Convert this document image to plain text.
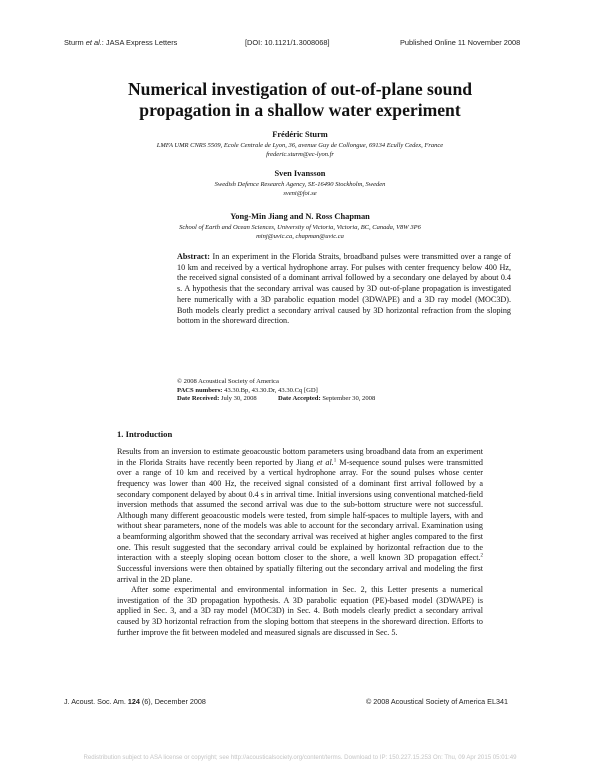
Sturm et al.: JASA Express Letters	[DOI: 10.1121/1.3008068]	Published Online 11 November 2008
Numerical investigation of out-of-plane sound
propagation in a shallow water experiment
Frédéric Sturm
LMFA UMR CNRS 5509, Ecole Centrale de Lyon, 36, avenue Guy de Collongue, 69134 Ecully Cedex, France
frederic.sturm@ec-lyon.fr
Sven Ivansson
Swedish Defence Research Agency, SE-16490 Stockholm, Sweden
sveni@foi.se
Yong-Min Jiang and N. Ross Chapman
School of Earth and Ocean Sciences, University of Victoria, Victoria, BC, Canada, V8W 3P6
minj@uvic.ca, chapman@uvic.ca
Abstract: In an experiment in the Florida Straits, broadband pulses were transmitted over a range of 10 km and received by a vertical hydrophone array. For pulses with center frequency below 400 Hz, the received signal consisted of a dominant arrival followed by a secondary one delayed by about 0.4 s. A hypothesis that the secondary arrival was caused by 3D out-of-plane propagation is investigated here numerically with a 3D parabolic equation model (3DWAPE) and a 3D ray model (MOC3D). Both models clearly predict a secondary arrival caused by 3D horizontal refraction from the sloping bottom in the shoreward direction.
© 2008 Acoustical Society of America
PACS numbers: 43.30.Bp, 43.30.Dr, 43.30.Cq [GD]
Date Received: July 30, 2008	Date Accepted: September 30, 2008
1. Introduction

Results from an inversion to estimate geoacoustic bottom parameters using broadband data from an experiment in the Florida Straits have recently been reported by Jiang et al.$^1$ M-sequence sound pulses were transmitted over a range of 10 km and received by a vertical hydrophone array. For the sound pulses whose center frequency was lower than 400 Hz, the received signal consisted of a dominant first arrival followed by a secondary component delayed by about 0.4 s in arrival time. Initial inversions using conventional matched-field inversion methods that assumed the second arrival was due to the sub-bottom structure were not successful. Although many different geoacoustic models were tested, from simple half-spaces to multiple layers, with and without shear parameters, none of the models was able to account for the secondary arrival. Examination using a beamforming algorithm showed that the secondary arrival was received at higher angles compared to the first one. This result suggested that the secondary arrival could be explained by horizontal refraction due to the interaction with a steeply sloping ocean bottom closer to the shore, a well known 3D propagation effect.$^2$ Successful inversions were then obtained by spatially filtering out the secondary arrival and modeling the first arrival in the 2D plane.

After some experimental and environmental information in Sec. 2, this Letter presents a numerical investigation of the 3D propagation hypothesis. A 3D parabolic equation (PE)-based model (3DWAPE) is applied in Sec. 3, and a 3D ray model (MOC3D) in Sec. 4. Both models clearly predict a secondary arrival caused by 3D horizontal refraction from the sloping bottom that steepens in the shoreward direction. Efforts to further improve the fit between modeled and measured signals are discussed in Sec. 5.

J. Acoust. Soc. Am. 124 (6), December 2008	© 2008 Acoustical Society of America EL341
Redistribution subject to ASA license or copyright; see http://acousticalsociety.org/content/terms. Download to IP: 150.227.15.253 On: Thu, 09 Apr 2015 05:01:49
